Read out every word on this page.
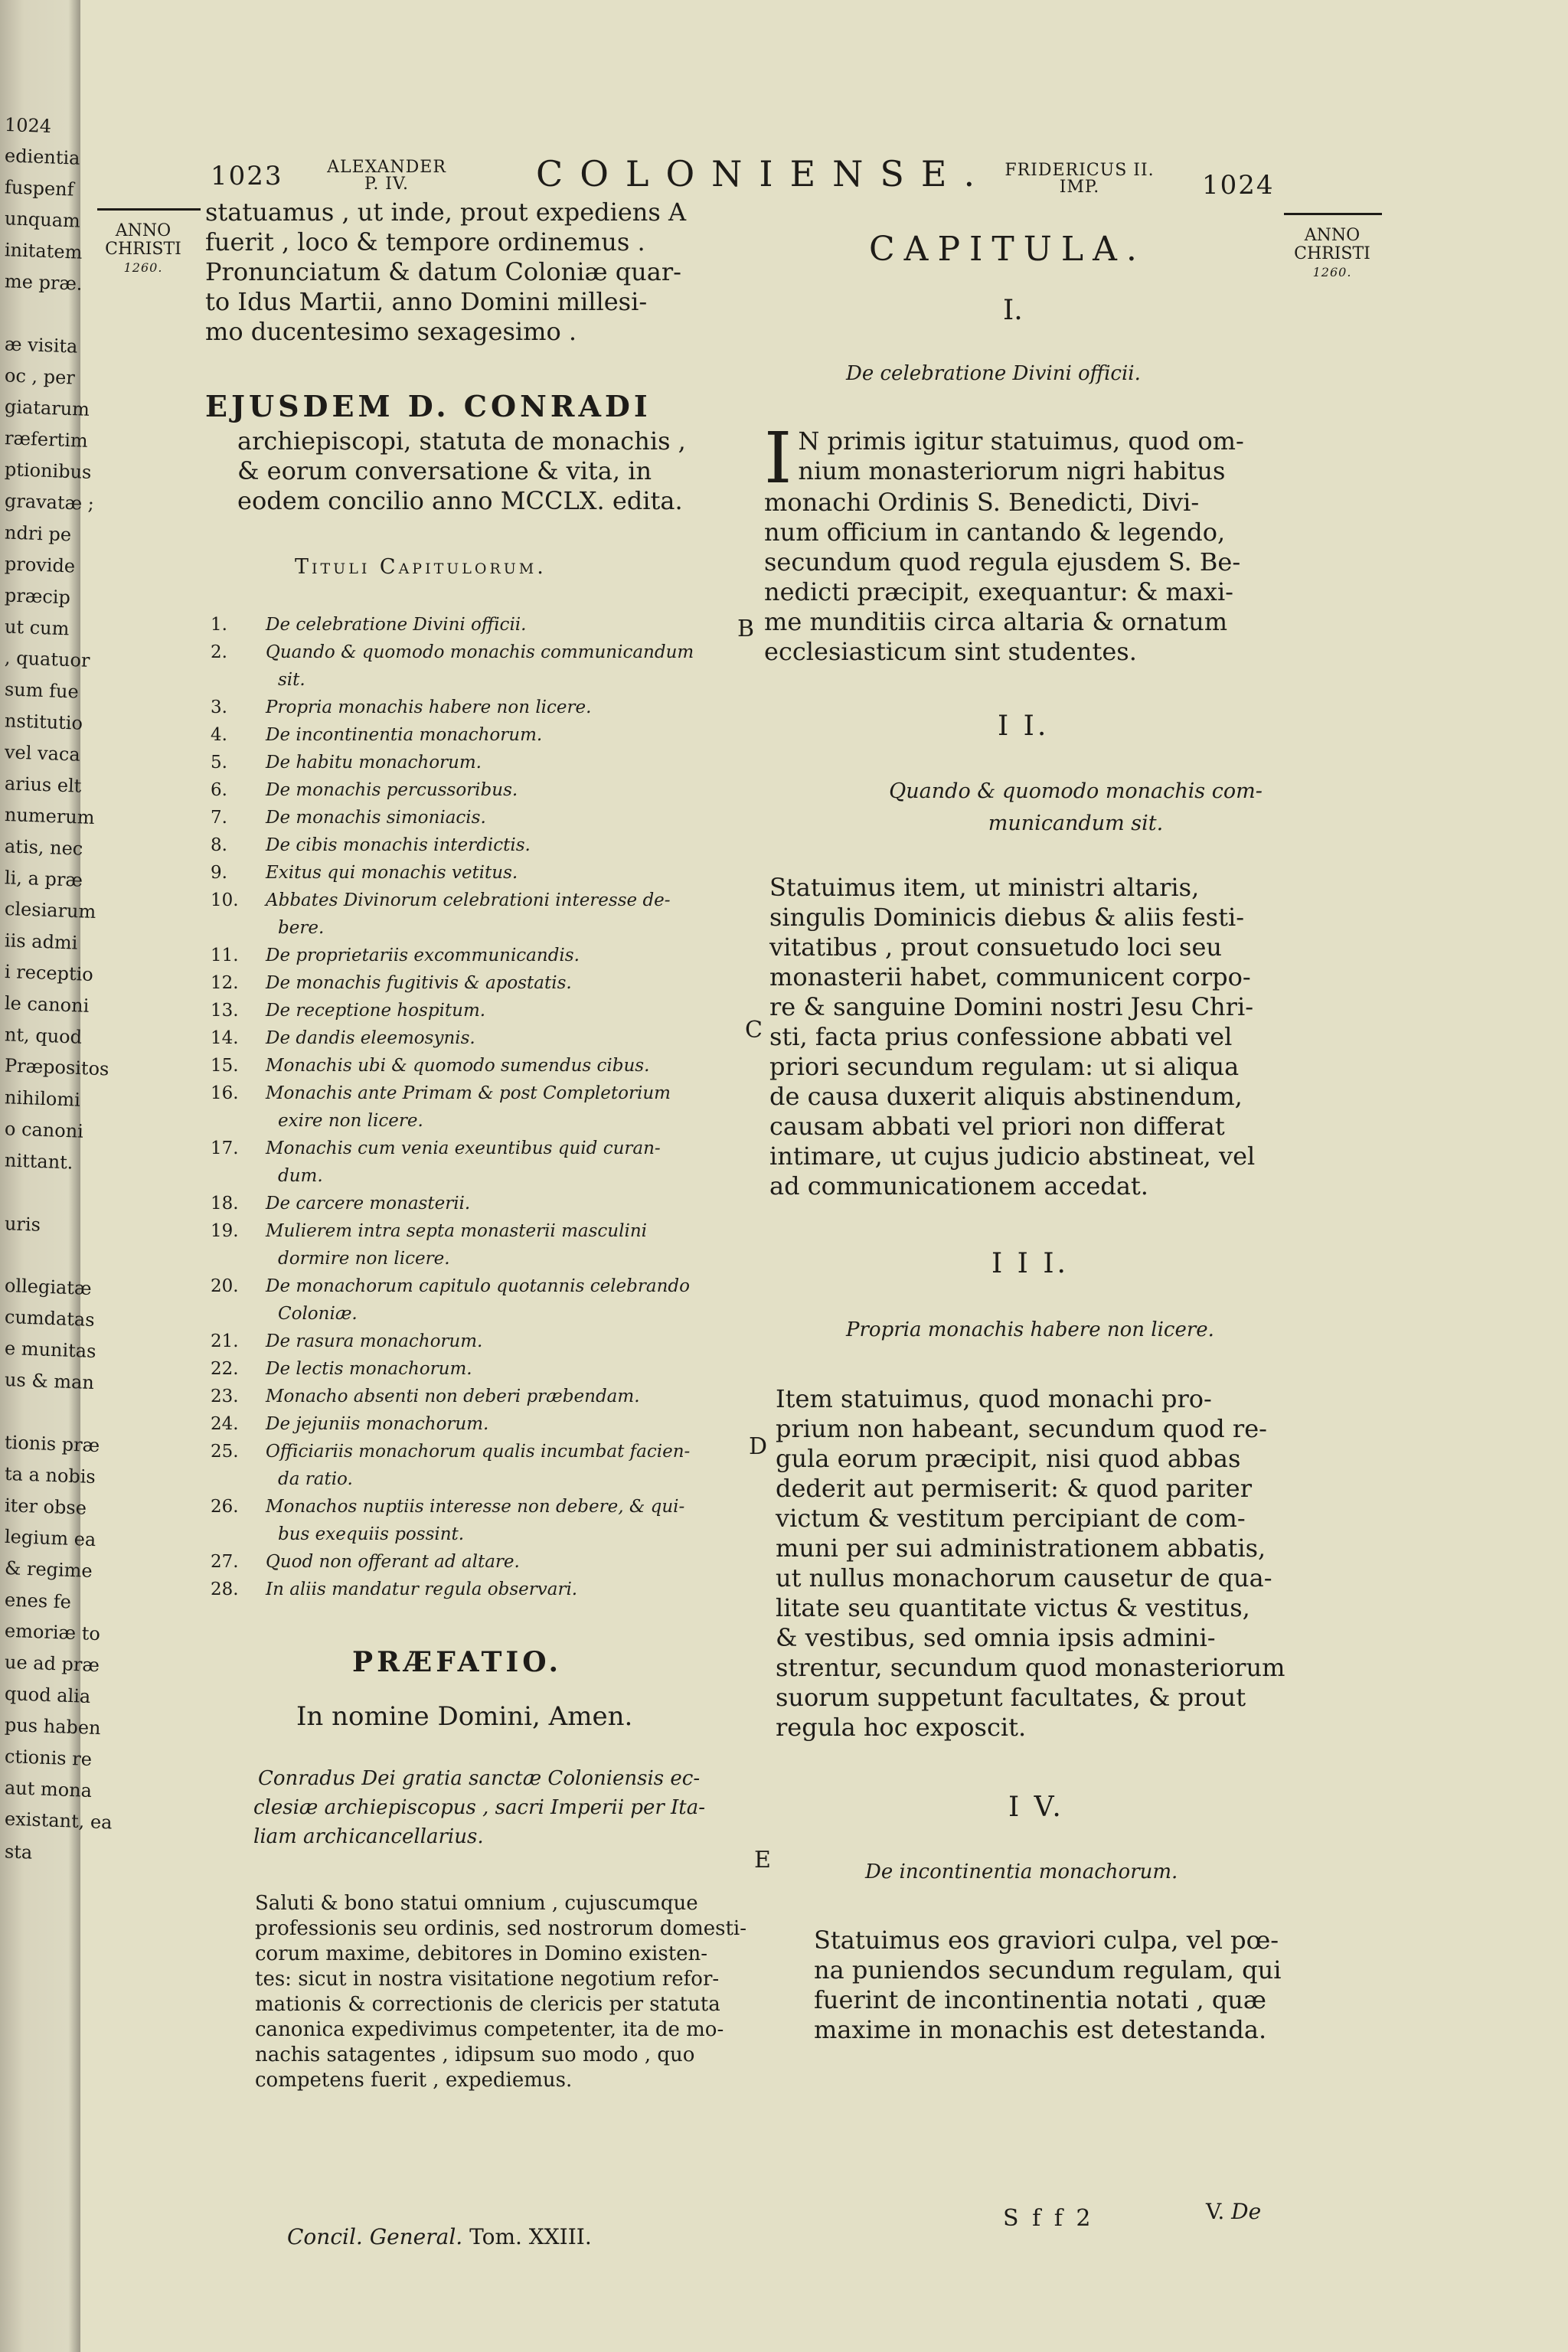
1024
edientia
fuspenf
unquam
initatem
me præ.
æ visita
oc , per
giatarum
ræfertim
ptionibus
gravatæ ;
ndri pe
provide
præcip
ut cum
, quatuor
sum fue
nstitutio
vel vaca
arius elt
numerum
atis, nec
li, a præ
clesiarum
iis admi
i receptio
le canoni
nt, quod
Præpositos
nihilomi
o canoni
nittant.
uris
ollegiatæ
cumdatas
e munitas
us & man
tionis præ
ta a nobis
iter obse
legium ea
& regime
enes fe
emoriæ to
ue ad præ
quod alia
pus haben
ctionis re
aut mona
existant, ea
sta
1023	ALEXANDER
P. IV.	COLONIENSE. FRIDERICUS II.
IMP.	1024
ANNO
CHRISTI
1260.
ANNO
CHRISTI
1260.
statuamus , ut inde, prout expediens A
fuerit , loco & tempore ordinemus .
Pronunciatum & datum Coloniæ quar-
to Idus Martii, anno Domini millesi-
mo ducentesimo sexagesimo .
EJUSDEM D. CONRADI
archiepiscopi, statuta de monachis ,
& eorum conversatione & vita, in
eodem concilio anno MCCLX. edita.
Tituli Capitulorum.
1. De celebratione Divini officii.
2. Quando & quomodo monachis communicandum
sit.
3. Propria monachis habere non licere.
4. De incontinentia monachorum.
5. De habitu monachorum.
6. De monachis percussoribus.
7. De monachis simoniacis.
8. De cibis monachis interdictis.
9. Exitus qui monachis vetitus.
10. Abbates Divinorum celebrationi interesse de-
bere.
11. De proprietariis excommunicandis.
12. De monachis fugitivis & apostatis.
13. De receptione hospitum.
14. De dandis eleemosynis.
15. Monachis ubi & quomodo sumendus cibus.
16. Monachis ante Primam & post Completorium
exire non licere.
17. Monachis cum venia exeuntibus quid curan-
dum.
18. De carcere monasterii.
19. Mulierem intra septa monasterii masculini
dormire non licere.
20. De monachorum capitulo quotannis celebrando
Coloniæ.
21. De rasura monachorum.
22. De lectis monachorum.
23. Monacho absenti non deberi præbendam.
24. De jejuniis monachorum.
25. Officiariis monachorum qualis incumbat facien-
da ratio.
26. Monachos nuptiis interesse non debere, & qui-
bus exequiis possint.
27. Quod non offerant ad altare.
28. In aliis mandatur regula observari.
PRÆFATIO.
In nomine Domini, Amen.
Conradus Dei gratia sanctæ Coloniensis ec-
clesiæ archiepiscopus , sacri Imperii per Ita-
liam archicancellarius.
Saluti & bono statui omnium , cujuscumque
professionis seu ordinis, sed nostrorum domesti-
corum maxime, debitores in Domino existen-
tes: sicut in nostra visitatione negotium refor-
mationis & correctionis de clericis per statuta
canonica expedivimus competenter, ita de mo-
nachis satagentes , idipsum suo modo , quo
competens fuerit , expediemus.
B
C
D
E
CAPITULA.
I.
De celebratione Divini officii.
I N primis igitur statuimus, quod om-
nium monasteriorum nigri habitus
monachi Ordinis S. Benedicti, Divi-
num officium in cantando & legendo,
secundum quod regula ejusdem S. Be-
nedicti præcipit, exequantur: & maxi-
me munditiis circa altaria & ornatum
ecclesiasticum sint studentes.
I I.
Quando & quomodo monachis com-
municandum sit.
Statuimus item, ut ministri altaris,
singulis Dominicis diebus & aliis festi-
vitatibus , prout consuetudo loci seu
monasterii habet, communicent corpo-
re & sanguine Domini nostri Jesu Chri-
sti, facta prius confessione abbati vel
priori secundum regulam: ut si aliqua
de causa duxerit aliquis abstinendum,
causam abbati vel priori non differat
intimare, ut cujus judicio abstineat, vel
ad communicationem accedat.
I I I.
Propria monachis habere non licere.
Item statuimus, quod monachi pro-
prium non habeant, secundum quod re-
gula eorum præcipit, nisi quod abbas
dederit aut permiserit: & quod pariter
victum & vestitum percipiant de com-
muni per sui administrationem abbatis,
ut nullus monachorum causetur de qua-
litate seu quantitate victus & vestitus,
& vestibus, sed omnia ipsis admini-
strentur, secundum quod monasteriorum
suorum suppetunt facultates, & prout
regula hoc exposcit.
I V.
De incontinentia monachorum.
Statuimus eos graviori culpa, vel pœ-
na puniendos secundum regulam, qui
fuerint de incontinentia notati , quæ
maxime in monachis est detestanda.
Concil. General. Tom. XXIII.
S f f 2	V. De
